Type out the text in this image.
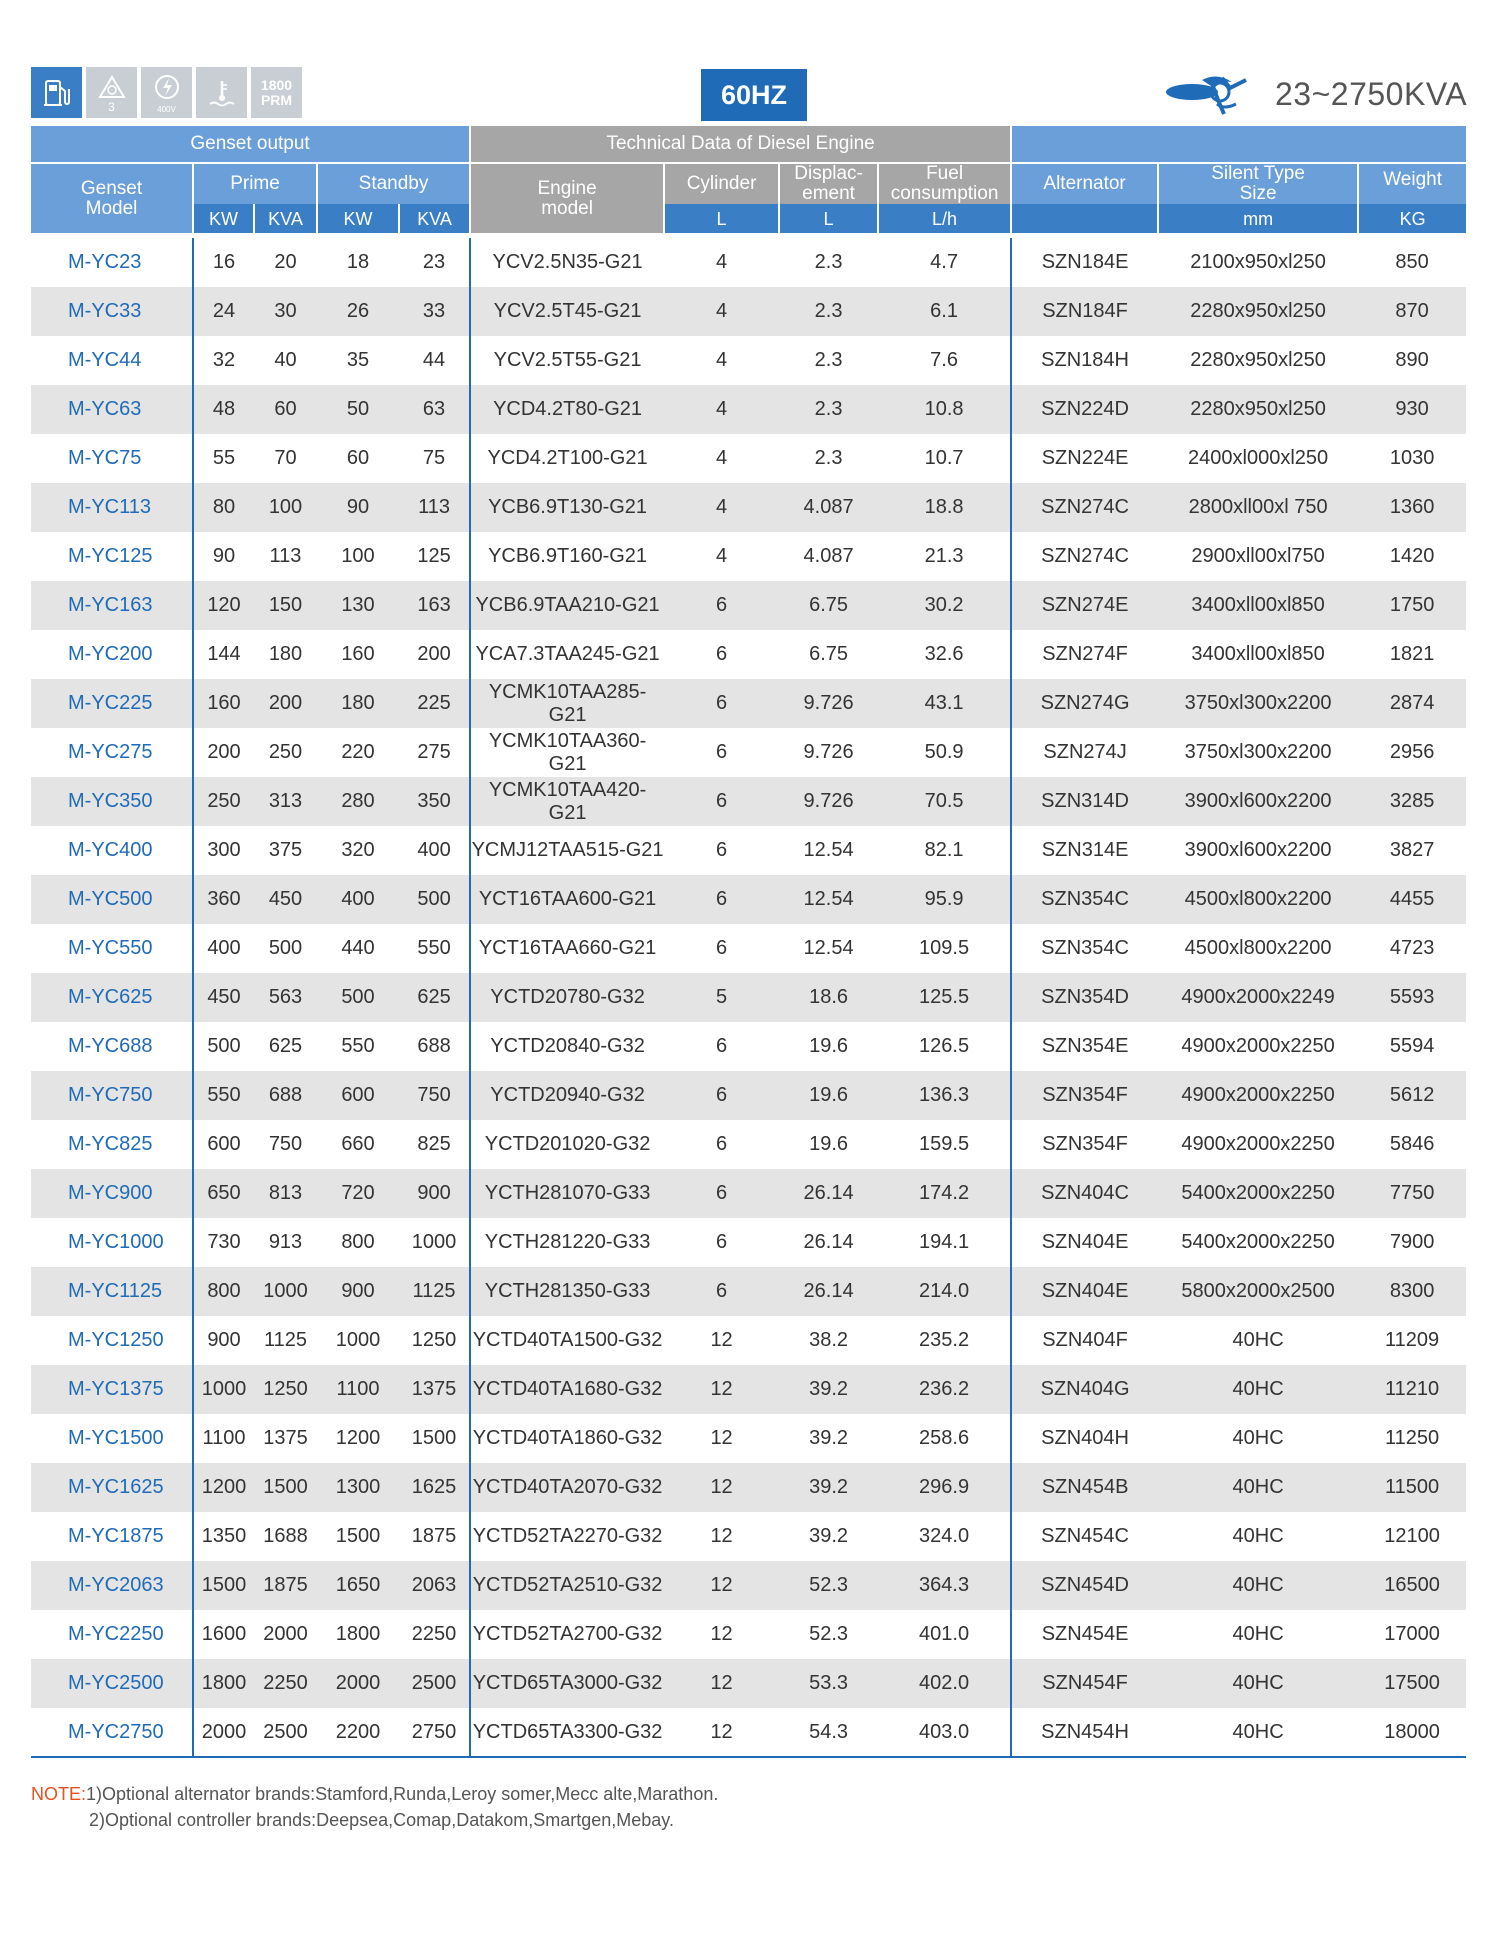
3	400V
1800
PRM	60HZ	23~2750KVA
Genset output					Technical Data of Diesel Engine						
Genset Model	Prime		Standby		Engine model	Cylinder	Displac-
ement	Fuel consumption	Alternator	Silent Type Size	Weight
	KW	KVA	KW	KVA		L	L	L/h		mm	KG

M-YC23	16	20	18	23	YCV2.5N35-G21	4	2.3	4.7	SZN184E	2100x950xl250	850
M-YC33	24	30	26	33	YCV2.5T45-G21	4	2.3	6.1	SZN184F	2280x950xl250	870
M-YC44	32	40	35	44	YCV2.5T55-G21	4	2.3	7.6	SZN184H	2280x950xl250	890
M-YC63	48	60	50	63	YCD4.2T80-G21	4	2.3	10.8	SZN224D	2280x950xl250	930
M-YC75	55	70	60	75	YCD4.2T100-G21	4	2.3	10.7	SZN224E	2400xl000xl250	1030
M-YC113	80	100	90	113	YCB6.9T130-G21	4	4.087	18.8	SZN274C	2800xll00xl 750	1360
M-YC125	90	113	100	125	YCB6.9T160-G21	4	4.087	21.3	SZN274C	2900xll00xl750	1420
M-YC163	120	150	130	163	YCB6.9TAA210-G21	6	6.75	30.2	SZN274E	3400xll00xl850	1750
M-YC200	144	180	160	200	YCA7.3TAA245-G21	6	6.75	32.6	SZN274F	3400xll00xl850	1821
M-YC225	160	200	180	225	YCMK10TAA285-G21	6	9.726	43.1	SZN274G	3750xl300x2200	2874
M-YC275	200	250	220	275	YCMK10TAA360-G21	6	9.726	50.9	SZN274J	3750xl300x2200	2956
M-YC350	250	313	280	350	YCMK10TAA420-G21	6	9.726	70.5	SZN314D	3900xl600x2200	3285
M-YC400	300	375	320	400	YCMJ12TAA515-G21	6	12.54	82.1	SZN314E	3900xl600x2200	3827
M-YC500	360	450	400	500	YCT16TAA600-G21	6	12.54	95.9	SZN354C	4500xl800x2200	4455
M-YC550	400	500	440	550	YCT16TAA660-G21	6	12.54	109.5	SZN354C	4500xl800x2200	4723
M-YC625	450	563	500	625	YCTD20780-G32	5	18.6	125.5	SZN354D	4900x2000x2249	5593
M-YC688	500	625	550	688	YCTD20840-G32	6	19.6	126.5	SZN354E	4900x2000x2250	5594
M-YC750	550	688	600	750	YCTD20940-G32	6	19.6	136.3	SZN354F	4900x2000x2250	5612
M-YC825	600	750	660	825	YCTD201020-G32	6	19.6	159.5	SZN354F	4900x2000x2250	5846
M-YC900	650	813	720	900	YCTH281070-G33	6	26.14	174.2	SZN404C	5400x2000x2250	7750
M-YC1000	730	913	800	1000	YCTH281220-G33	6	26.14	194.1	SZN404E	5400x2000x2250	7900
M-YC1125	800	1000	900	1125	YCTH281350-G33	6	26.14	214.0	SZN404E	5800x2000x2500	8300
M-YC1250	900	1125	1000	1250	YCTD40TA1500-G32	12	38.2	235.2	SZN404F	40HC	11209
M-YC1375	1000	1250	1100	1375	YCTD40TA1680-G32	12	39.2	236.2	SZN404G	40HC	11210
M-YC1500	1100	1375	1200	1500	YCTD40TA1860-G32	12	39.2	258.6	SZN404H	40HC	11250
M-YC1625	1200	1500	1300	1625	YCTD40TA2070-G32	12	39.2	296.9	SZN454B	40HC	11500
M-YC1875	1350	1688	1500	1875	YCTD52TA2270-G32	12	39.2	324.0	SZN454C	40HC	12100
M-YC2063	1500	1875	1650	2063	YCTD52TA2510-G32	12	52.3	364.3	SZN454D	40HC	16500
M-YC2250	1600	2000	1800	2250	YCTD52TA2700-G32	12	52.3	401.0	SZN454E	40HC	17000
M-YC2500	1800	2250	2000	2500	YCTD65TA3000-G32	12	53.3	402.0	SZN454F	40HC	17500
M-YC2750	2000	2500	2200	2750	YCTD65TA3300-G32	12	54.3	403.0	SZN454H	40HC	18000
NOTE:1)Optional alternator brands:Stamford,Runda,Leroy somer,Mecc alte,Marathon.
2)Optional controller brands:Deepsea,Comap,Datakom,Smartgen,Mebay.
